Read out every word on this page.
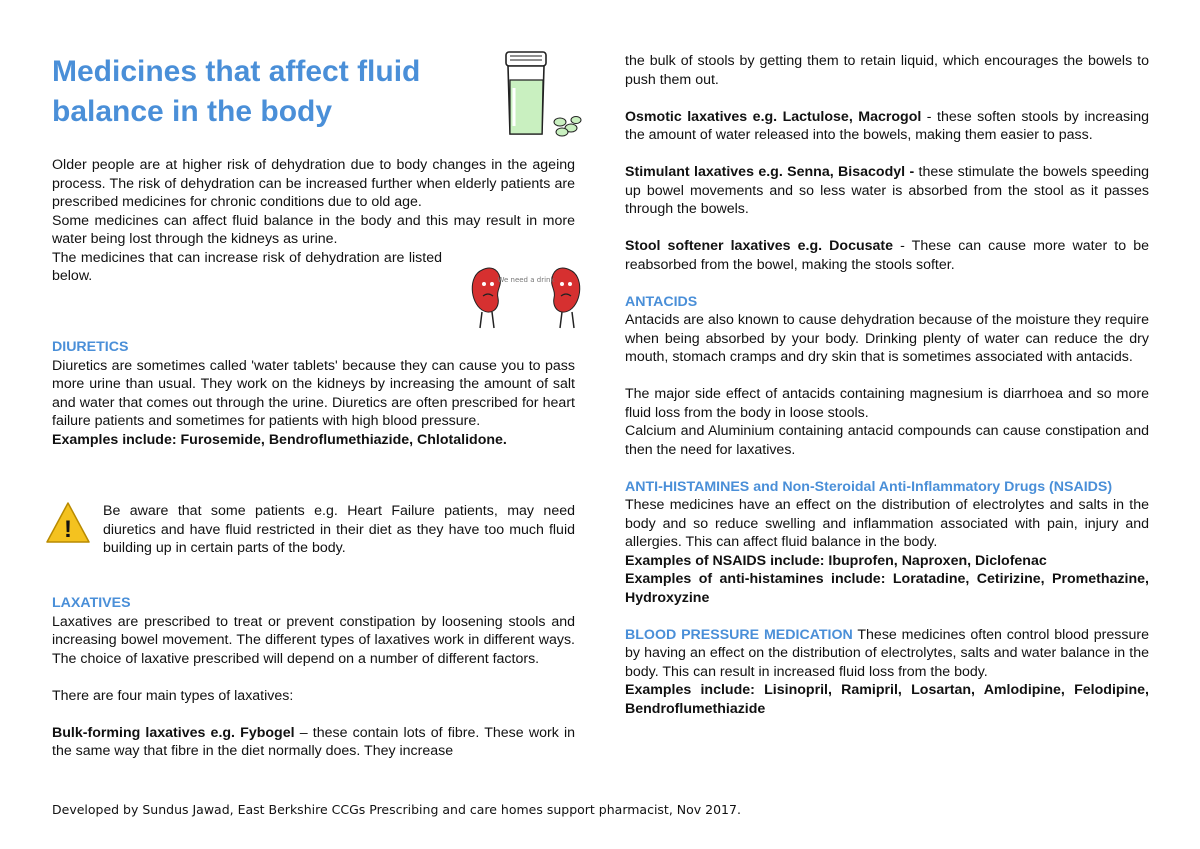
Medicines that affect fluid balance in the body

Older people are at higher risk of dehydration due to body changes in the ageing process. The risk of dehydration can be increased further when elderly patients are prescribed medicines for chronic conditions due to old age.

Some medicines can affect fluid balance in the body and this may result in more water being lost through the kidneys as urine.

The medicines that can increase risk of dehydration are listed below.	We need a drink
DIURETICS

Diuretics are sometimes called 'water tablets' because they can cause you to pass more urine than usual. They work on the kidneys by increasing the amount of salt and water that comes out through the urine. Diuretics are often prescribed for heart failure patients and sometimes for patients with high blood pressure.

Examples include: Furosemide, Bendroflumethiazide, Chlotalidone.

!

Be aware that some patients e.g. Heart Failure patients, may need diuretics and have fluid restricted in their diet as they have too much fluid building up in certain parts of the body.

LAXATIVES

Laxatives are prescribed to treat or prevent constipation by loosening stools and increasing bowel movement. The different types of laxatives work in different ways. The choice of laxative prescribed will depend on a number of different factors.

There are four main types of laxatives:

Bulk-forming laxatives e.g. Fybogel – these contain lots of fibre. These work in the same way that fibre in the diet normally does. They increase

the bulk of stools by getting them to retain liquid, which encourages the bowels to push them out.

Osmotic laxatives e.g. Lactulose, Macrogol - these soften stools by increasing the amount of water released into the bowels, making them easier to pass.

Stimulant laxatives e.g. Senna, Bisacodyl - these stimulate the bowels speeding up bowel movements and so less water is absorbed from the stool as it passes through the bowels.

Stool softener laxatives e.g. Docusate - These can cause more water to be reabsorbed from the bowel, making the stools softer.

ANTACIDS

Antacids are also known to cause dehydration because of the moisture they require when being absorbed by your body. Drinking plenty of water can reduce the dry mouth, stomach cramps and dry skin that is sometimes associated with antacids.

The major side effect of antacids containing magnesium is diarrhoea and so more fluid loss from the body in loose stools.

Calcium and Aluminium containing antacid compounds can cause constipation and then the need for laxatives.

ANTI-HISTAMINES and Non-Steroidal Anti-Inflammatory Drugs (NSAIDS)

These medicines have an effect on the distribution of electrolytes and salts in the body and so reduce swelling and inflammation associated with pain, injury and allergies. This can affect fluid balance in the body.

Examples of NSAIDS include: Ibuprofen, Naproxen, Diclofenac

Examples of anti-histamines include: Loratadine, Cetirizine, Promethazine, Hydroxyzine

BLOOD PRESSURE MEDICATION These medicines often control blood pressure by having an effect on the distribution of electrolytes, salts and water balance in the body. This can result in increased fluid loss from the body.

Examples include: Lisinopril, Ramipril, Losartan, Amlodipine, Felodipine, Bendroflumethiazide

Developed by Sundus Jawad, East Berkshire CCGs Prescribing and care homes support pharmacist, Nov 2017.
